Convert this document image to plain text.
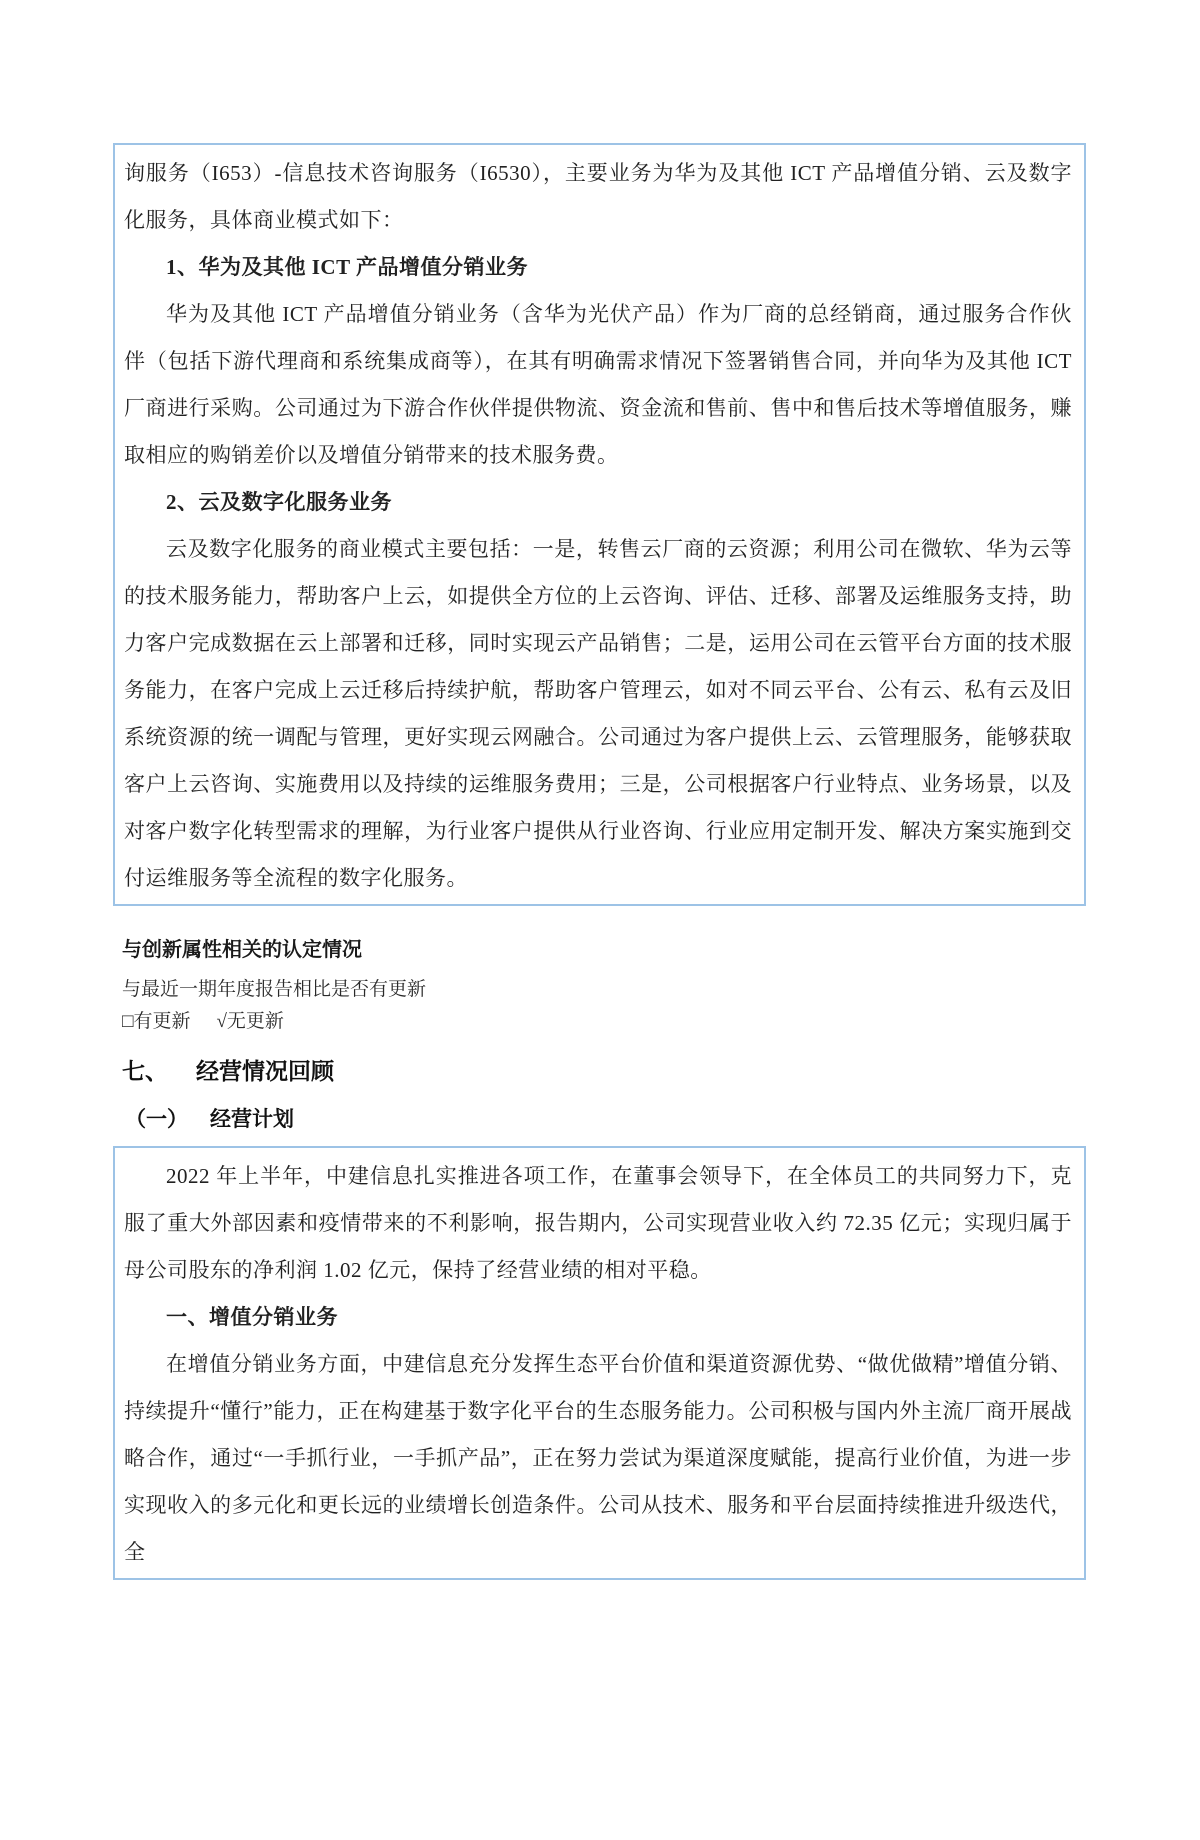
询服务（I653）-信息技术咨询服务（I6530），主要业务为华为及其他 ICT 产品增值分销、云及数字化服务，具体商业模式如下：

1、华为及其他 ICT 产品增值分销业务

华为及其他 ICT 产品增值分销业务（含华为光伏产品）作为厂商的总经销商，通过服务合作伙伴（包括下游代理商和系统集成商等），在其有明确需求情况下签署销售合同，并向华为及其他 ICT 厂商进行采购。公司通过为下游合作伙伴提供物流、资金流和售前、售中和售后技术等增值服务，赚取相应的购销差价以及增值分销带来的技术服务费。

2、云及数字化服务业务

云及数字化服务的商业模式主要包括：一是，转售云厂商的云资源；利用公司在微软、华为云等的技术服务能力，帮助客户上云，如提供全方位的上云咨询、评估、迁移、部署及运维服务支持，助力客户完成数据在云上部署和迁移，同时实现云产品销售；二是，运用公司在云管平台方面的技术服务能力，在客户完成上云迁移后持续护航，帮助客户管理云，如对不同云平台、公有云、私有云及旧系统资源的统一调配与管理，更好实现云网融合。公司通过为客户提供上云、云管理服务，能够获取客户上云咨询、实施费用以及持续的运维服务费用；三是，公司根据客户行业特点、业务场景，以及对客户数字化转型需求的理解，为行业客户提供从行业咨询、行业应用定制开发、解决方案实施到交付运维服务等全流程的数字化服务。

与创新属性相关的认定情况

与最近一期年度报告相比是否有更新

□有更新 √无更新

七、 经营情况回顾
（一） 经营计划

2022 年上半年，中建信息扎实推进各项工作，在董事会领导下，在全体员工的共同努力下，克服了重大外部因素和疫情带来的不利影响，报告期内，公司实现营业收入约 72.35 亿元；实现归属于母公司股东的净利润 1.02 亿元，保持了经营业绩的相对平稳。

一、增值分销业务

在增值分销业务方面，中建信息充分发挥生态平台价值和渠道资源优势、“做优做精”增值分销、持续提升“懂行”能力，正在构建基于数字化平台的生态服务能力。公司积极与国内外主流厂商开展战略合作，通过“一手抓行业，一手抓产品”，正在努力尝试为渠道深度赋能，提高行业价值，为进一步实现收入的多元化和更长远的业绩增长创造条件。公司从技术、服务和平台层面持续推进升级迭代，全
